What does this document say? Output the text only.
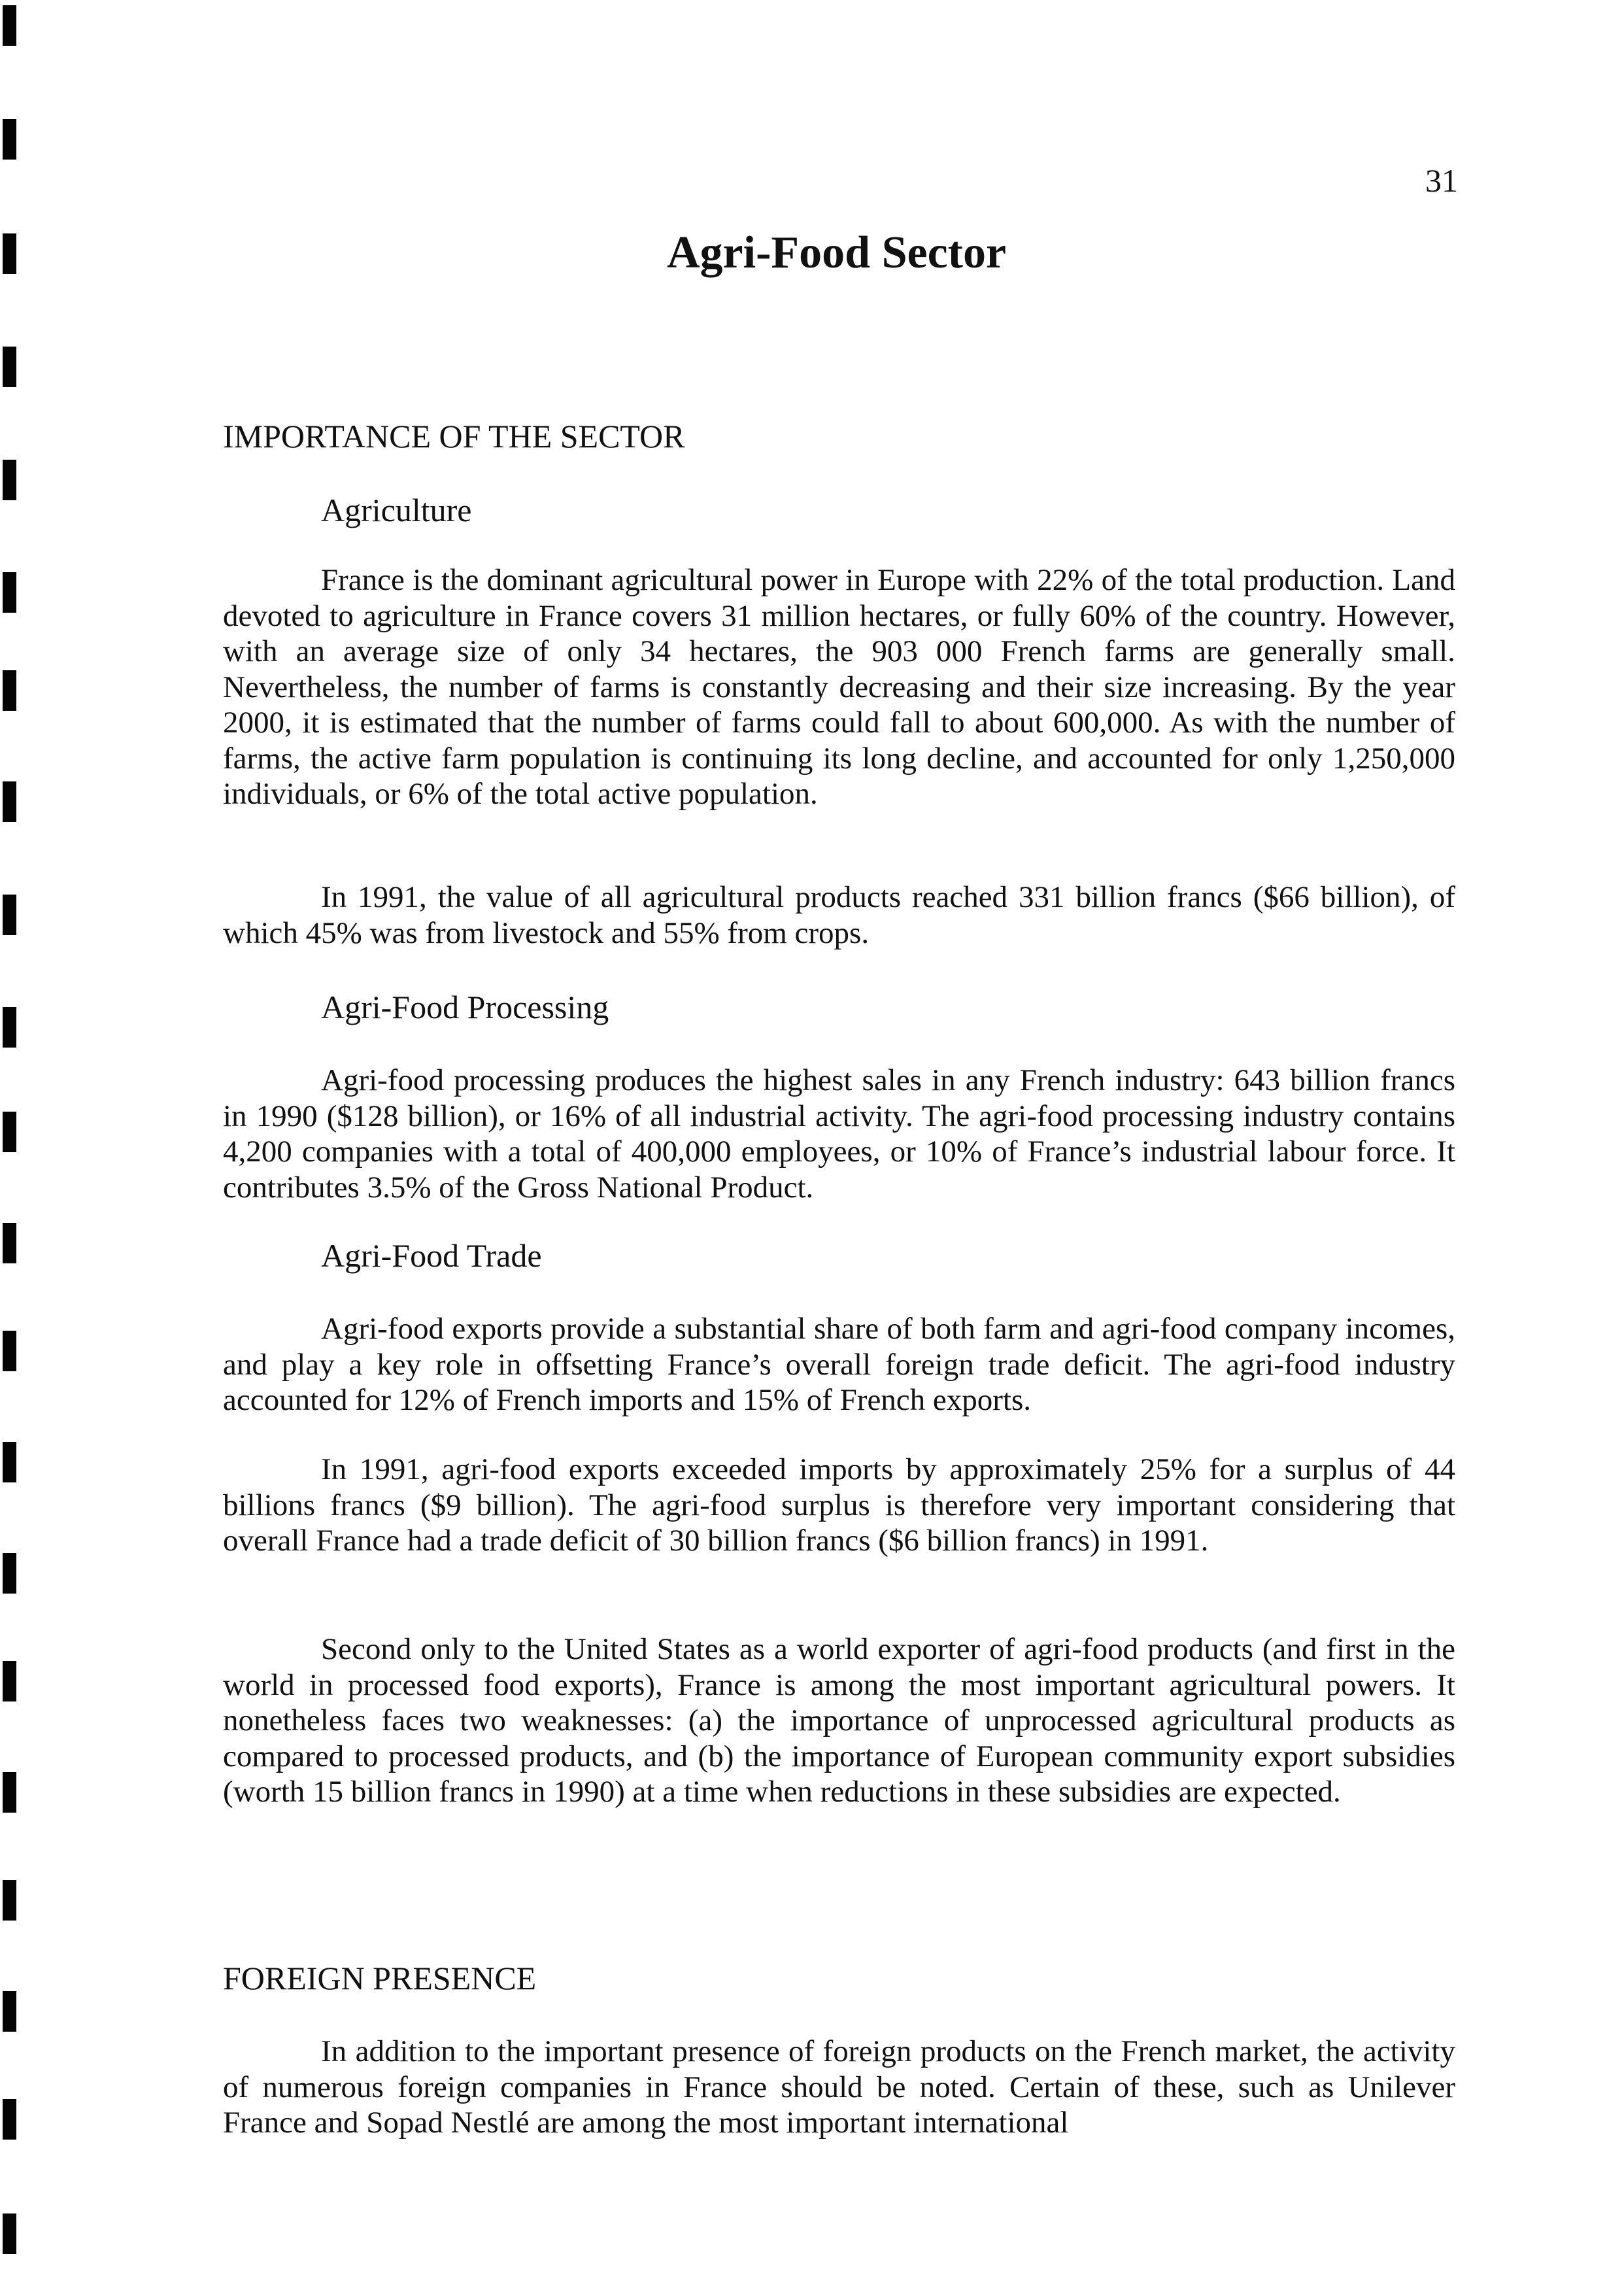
31
Agri-Food Sector
IMPORTANCE OF THE SECTOR
Agriculture

France is the dominant agricultural power in Europe with 22% of the total production. Land devoted to agriculture in France covers 31 million hectares, or fully 60% of the country. However, with an average size of only 34 hectares, the 903 000 French farms are generally small. Nevertheless, the number of farms is constantly decreasing and their size increasing. By the year 2000, it is estimated that the number of farms could fall to about 600,000. As with the number of farms, the active farm population is continuing its long decline, and accounted for only 1,250,000 individuals, or 6% of the total active population.

In 1991, the value of all agricultural products reached 331 billion francs ($66 billion), of which 45% was from livestock and 55% from crops.

Agri-Food Processing

Agri-food processing produces the highest sales in any French industry: 643 billion francs in 1990 ($128 billion), or 16% of all industrial activity. The agri-food processing industry contains 4,200 companies with a total of 400,000 employees, or 10% of France’s industrial labour force. It contributes 3.5% of the Gross National Product.

Agri-Food Trade

Agri-food exports provide a substantial share of both farm and agri-food company incomes, and play a key role in offsetting France’s overall foreign trade deficit. The agri-food industry accounted for 12% of French imports and 15% of French exports.

In 1991, agri-food exports exceeded imports by approximately 25% for a surplus of 44 billions francs ($9 billion). The agri-food surplus is therefore very important considering that overall France had a trade deficit of 30 billion francs ($6 billion francs) in 1991.

Second only to the United States as a world exporter of agri-food products (and first in the world in processed food exports), France is among the most important agricultural powers. It nonetheless faces two weaknesses: (a) the importance of unprocessed agricultural products as compared to processed products, and (b) the importance of European community export subsidies (worth 15 billion francs in 1990) at a time when reductions in these subsidies are expected.

FOREIGN PRESENCE

In addition to the important presence of foreign products on the French market, the activity of numerous foreign companies in France should be noted. Certain of these, such as Unilever France and Sopad Nestlé are among the most important international
